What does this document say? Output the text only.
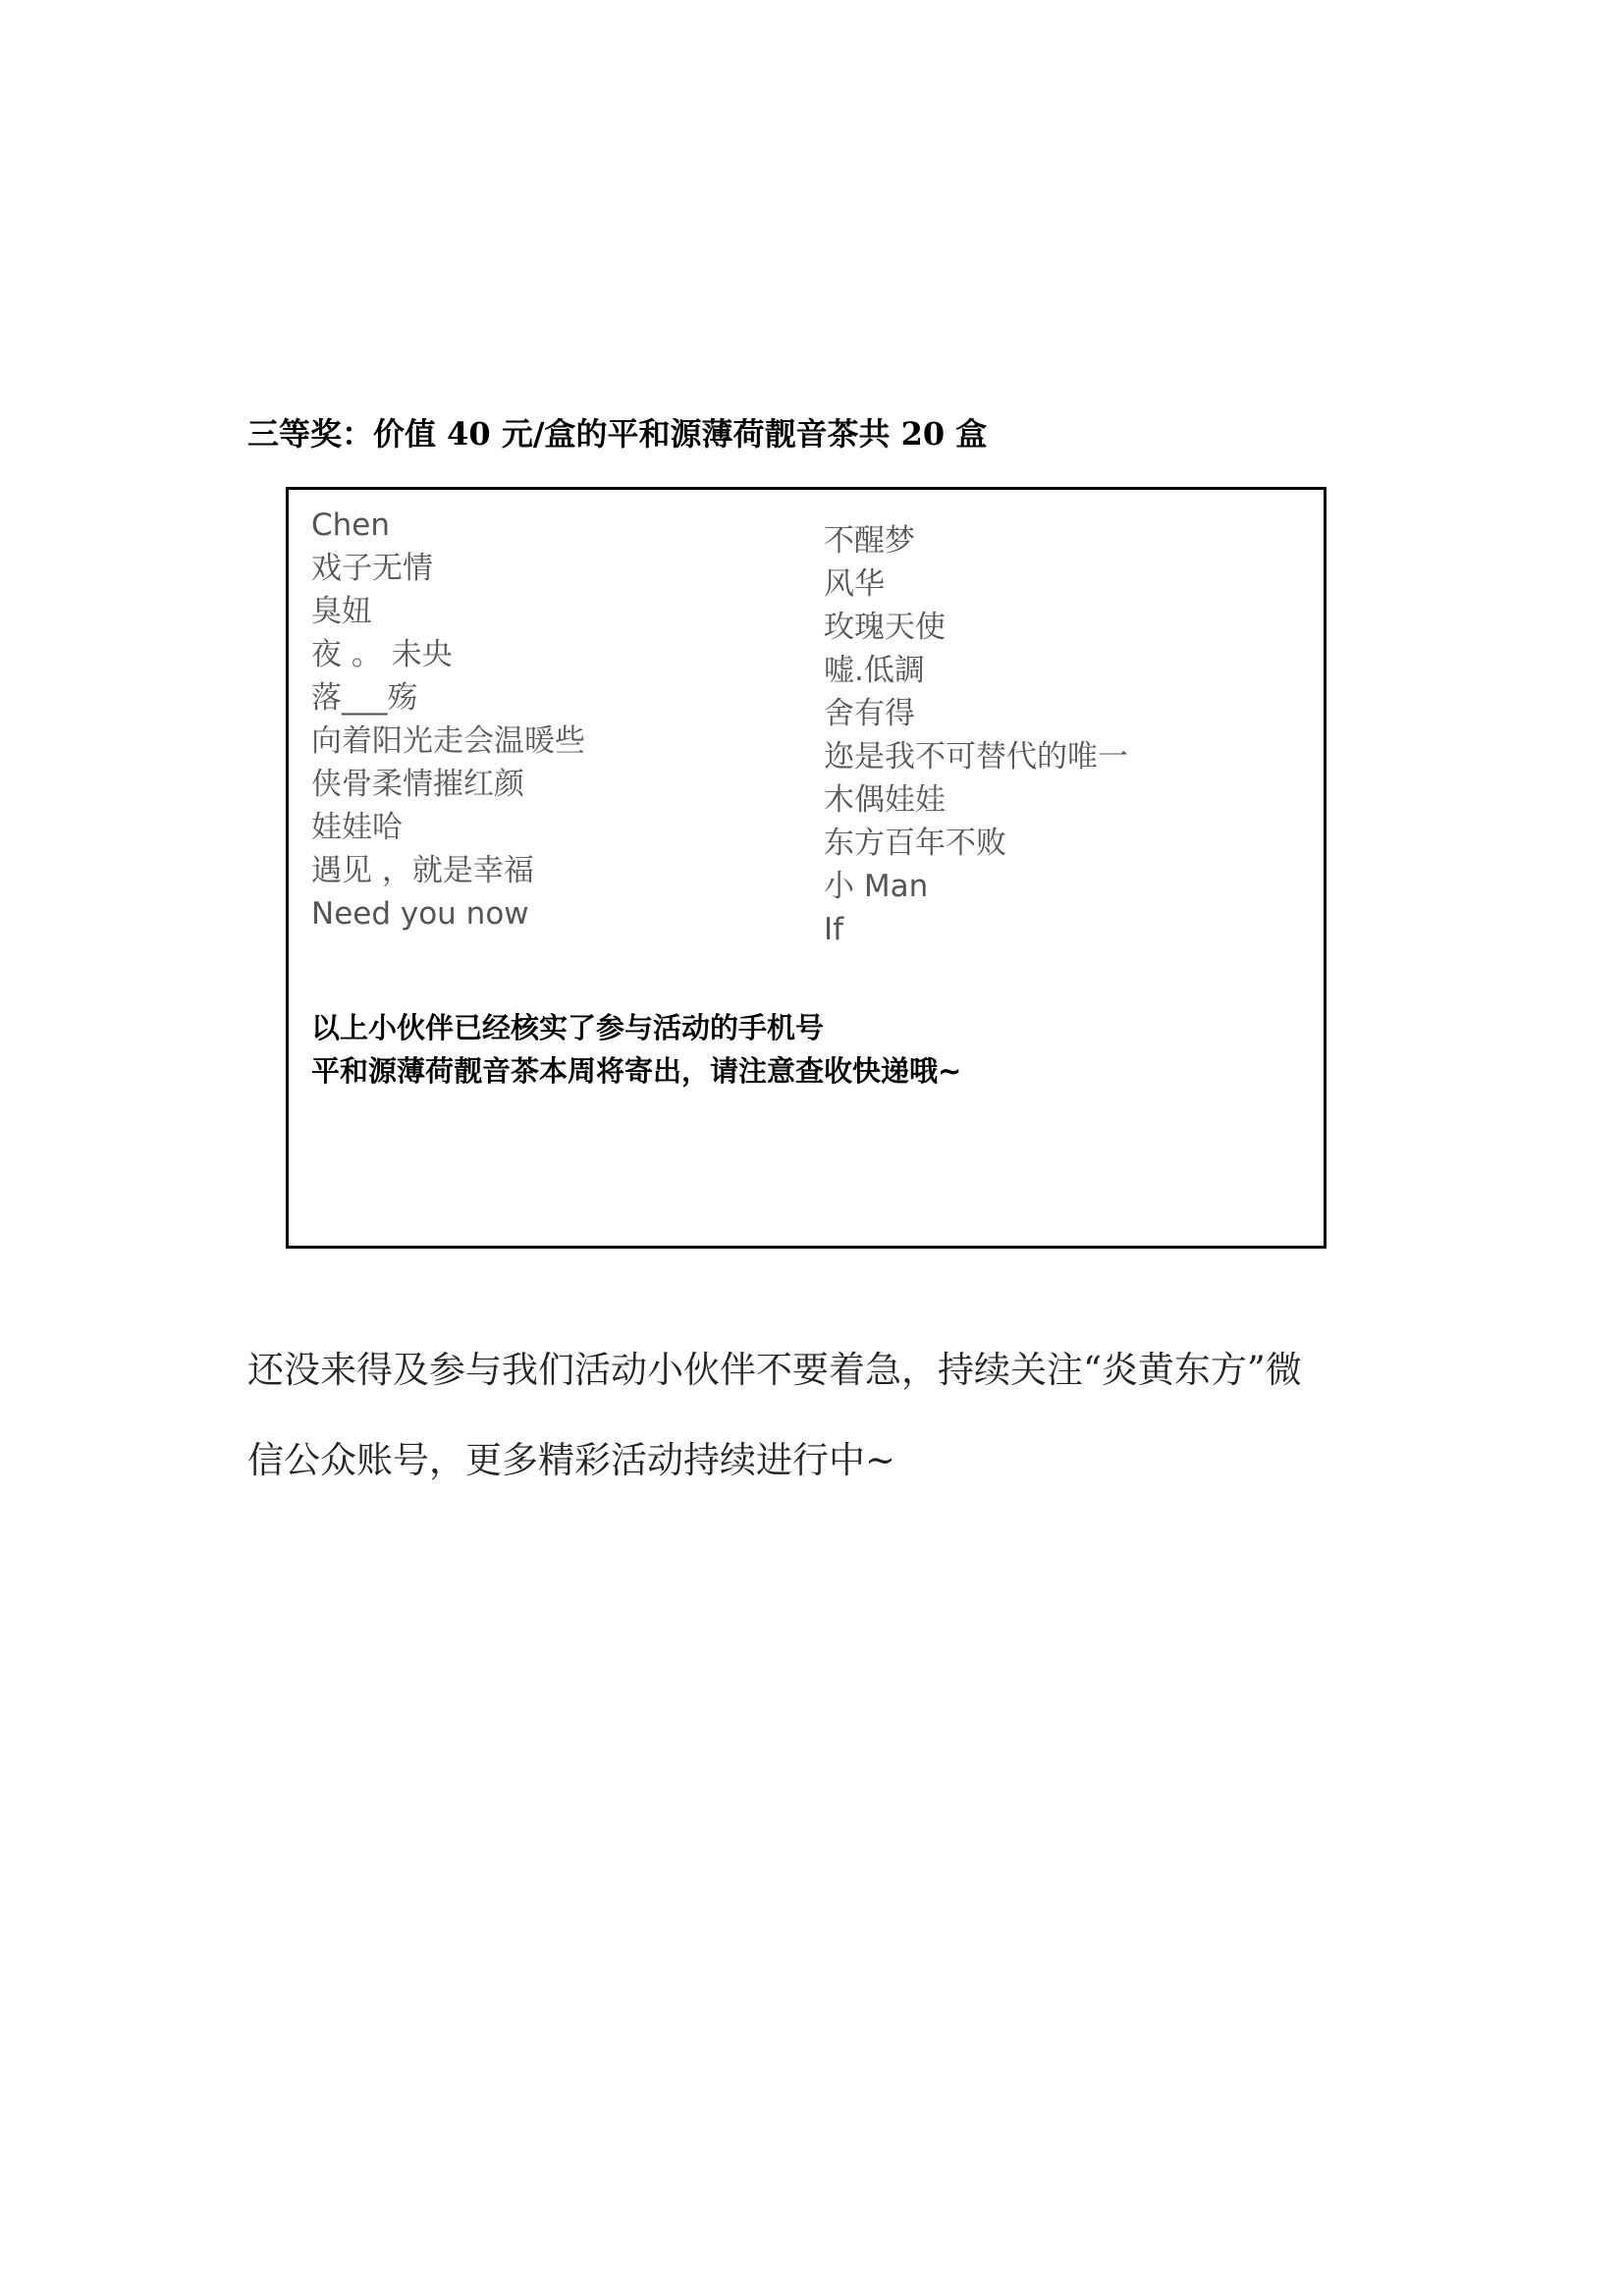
三等奖：价值 40 元/盒的平和源薄荷靓音茶共 20 盒
Chen
戏子无情
臭妞
夜 。 未央
落___殇
向着阳光走会温暖些
侠骨柔情摧红颜
娃娃哈
遇见 ，就是幸福
Need you now
不醒梦
风华
玫瑰天使
嘘.低調
舍有得
迩是我不可替代的唯一
木偶娃娃
东方百年不败
小 Man
If
以上小伙伴已经核实了参与活动的手机号
平和源薄荷靓音茶本周将寄出，请注意查收快递哦~
还没来得及参与我们活动小伙伴不要着急，持续关注“炎黄东方”微
信公众账号，更多精彩活动持续进行中~
